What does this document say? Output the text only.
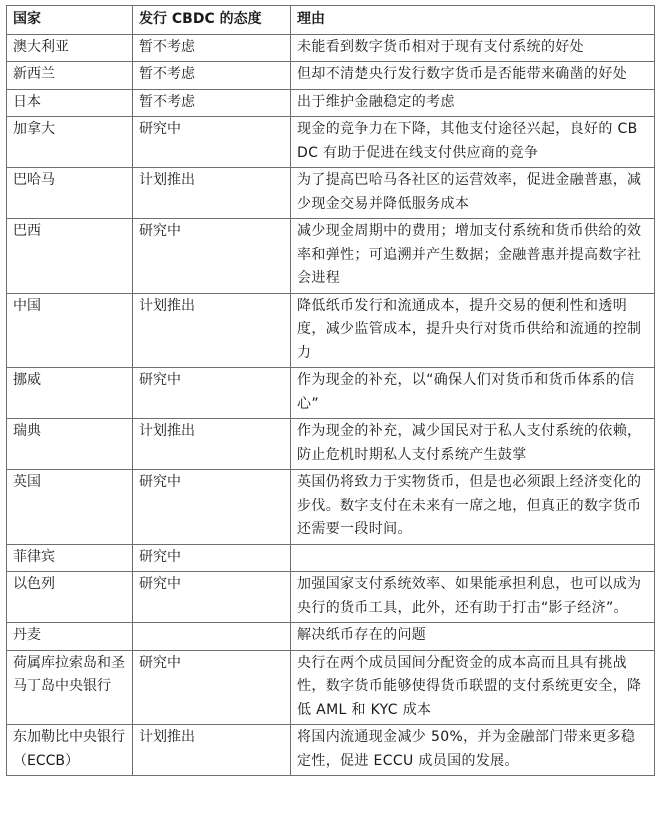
国家	发行 CBDC 的态度	理由
澳大利亚	暂不考虑	未能看到数字货币相对于现有支付系统的好处
新西兰	暂不考虑	但却不清楚央行发行数字货币是否能带来确凿的好处
日本	暂不考虑	出于维护金融稳定的考虑
加拿大	研究中	现金的竞争力在下降，其他支付途径兴起，良好的 CBDC 有助于促进在线支付供应商的竞争
巴哈马	计划推出	为了提高巴哈马各社区的运营效率，促进金融普惠，减少现金交易并降低服务成本
巴西	研究中	减少现金周期中的费用；增加支付系统和货币供给的效率和弹性；可追溯并产生数据；金融普惠并提高数字社会进程
中国	计划推出	降低纸币发行和流通成本，提升交易的便利性和透明度，减少监管成本，提升央行对货币供给和流通的控制力
挪威	研究中	作为现金的补充，以“确保人们对货币和货币体系的信心”
瑞典	计划推出	作为现金的补充，减少国民对于私人支付系统的依赖，防止危机时期私人支付系统产生鼓掌
英国	研究中	英国仍将致力于实物货币，但是也必须跟上经济变化的步伐。数字支付在未来有一席之地，但真正的数字货币还需要一段时间。
菲律宾	研究中	
以色列	研究中	加强国家支付系统效率、如果能承担利息，也可以成为央行的货币工具，此外，还有助于打击“影子经济”。
丹麦		解决纸币存在的问题
荷属库拉索岛和圣马丁岛中央银行	研究中	央行在两个成员国间分配资金的成本高而且具有挑战性，数字货币能够使得货币联盟的支付系统更安全，降低 AML 和 KYC 成本
东加勒比中央银行（ECCB）	计划推出	将国内流通现金减少 50%，并为金融部门带来更多稳定性，促进 ECCU 成员国的发展。
